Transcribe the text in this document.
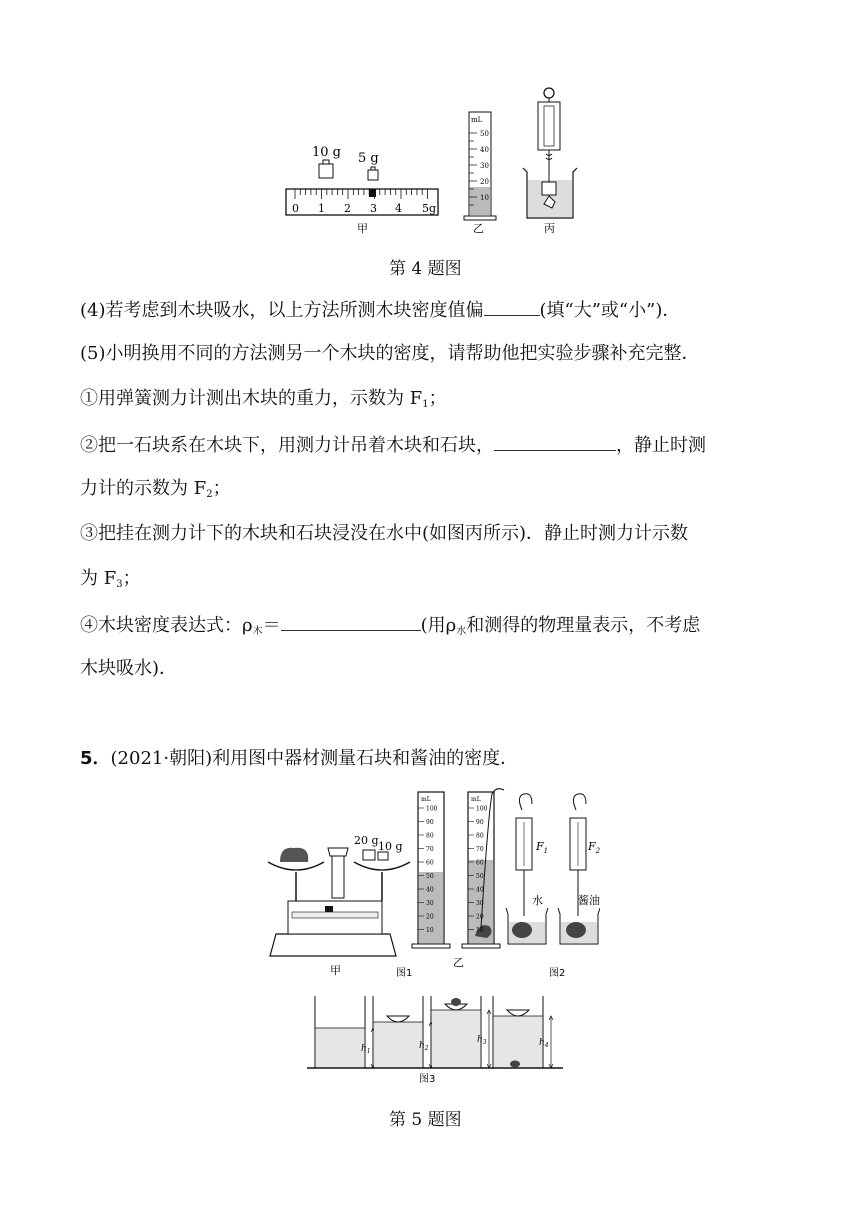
10 g 5 g
0 1 2 3 4 5g
甲
mL
50
40
30
20
10
乙	丙
第 4 题图
(4)若考虑到木块吸水，以上方法所测木块密度值偏	(填“大”或“小”)．
(5)小明换用不同的方法测另一个木块的密度，请帮助他把实验步骤补充完整．
①用弹簧测力计测出木块的重力，示数为 $F_1$；
②把一石块系在木块下，用测力计吊着木块和石块，	，静止时测
力计的示数为 $F_2$；
③把挂在测力计下的木块和石块浸没在水中(如图丙所示)．静止时测力计示数
为 $F_3$；
④木块密度表达式：$\rho_木=$	(用$\rho_水$和测得的物理量表示，不考虑
木块吸水)．
5．(2021·朝阳)利用图中器材测量石块和酱油的密度．
20 g 10 g
甲
mL
100
90
80
70
60
50
40
30
20
10
mL
100
90
80
70
60
50
40
30
20
10
乙
$F_1$	$F_2$
水	酱油
图1	图2
$h_1$
$h_2$
$h_3$	$h_4$
图3
第 5 题图
